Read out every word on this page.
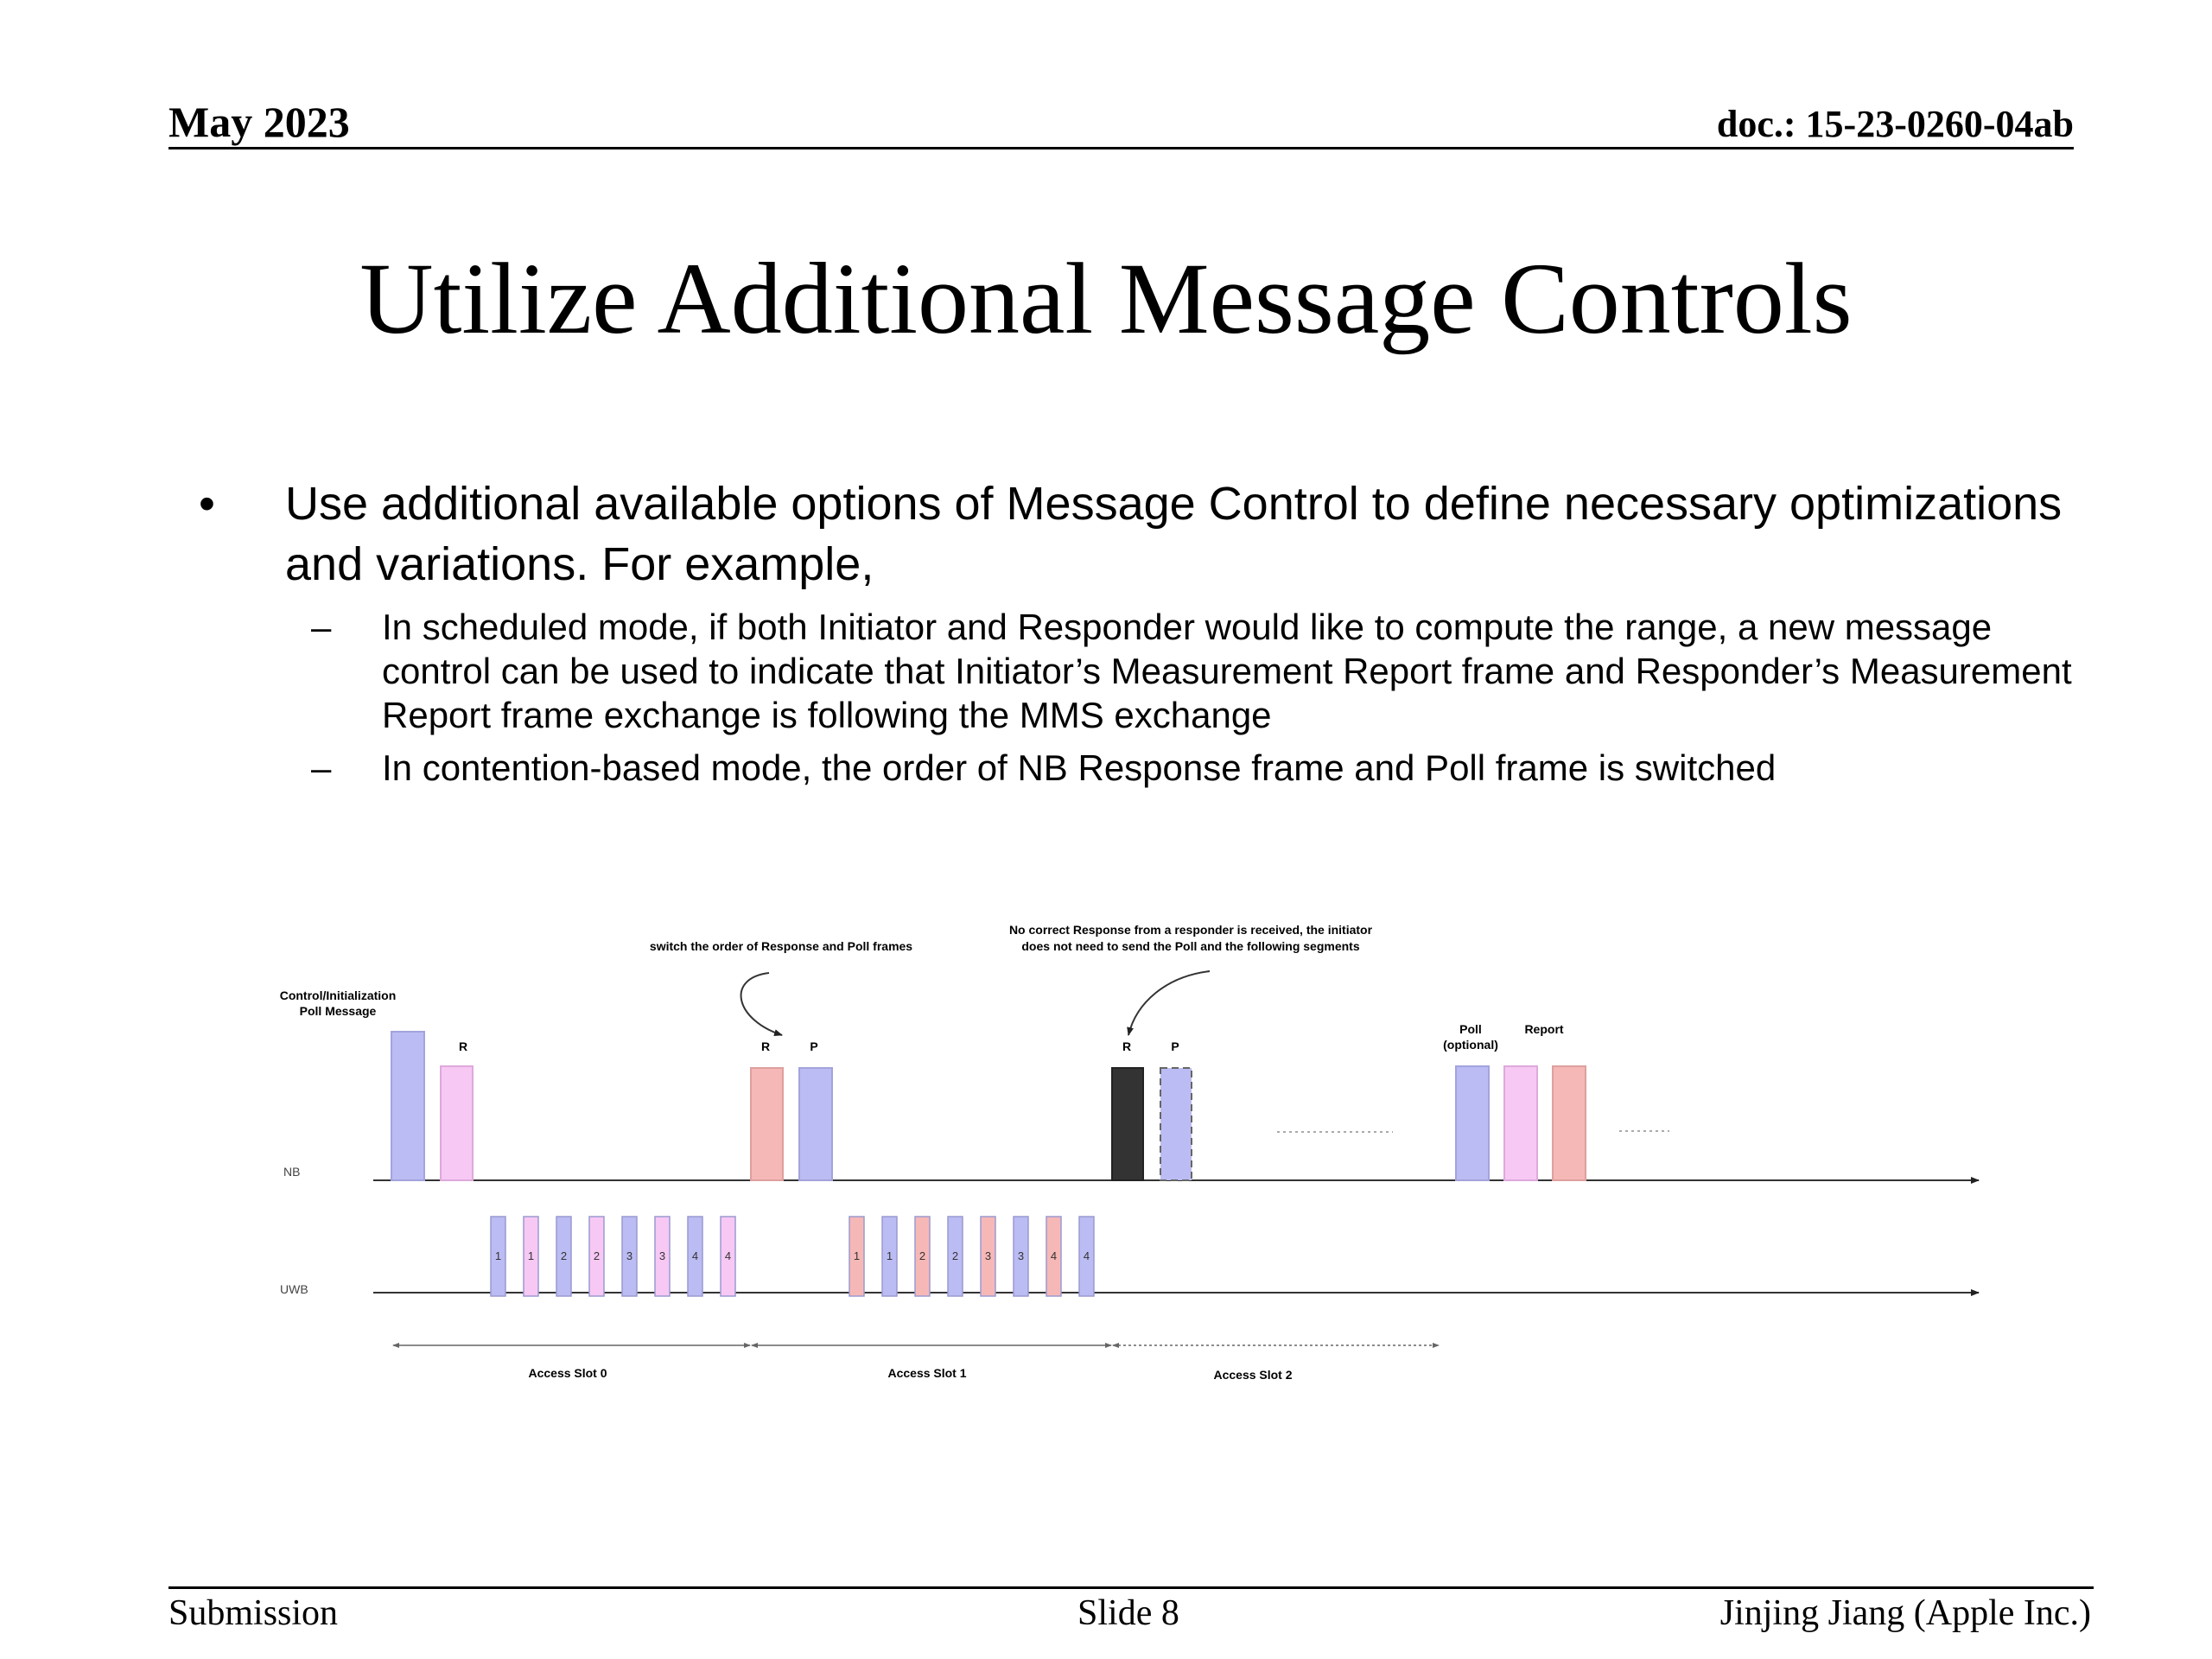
May 2023	doc.: 15-23-0260-04ab
Utilize Additional Message Controls
• Use additional available options of Message Control to define necessary optimizations and variations. For example,
– In scheduled mode, if both Initiator and Responder would like to compute the range, a new message control can be used to indicate that Initiator’s Measurement Report frame and Responder’s Measurement Report frame exchange is following the MMS exchange
– In contention-based mode, the order of NB Response frame and Poll frame is switched
NB
UWB
Control/Initialization
Poll Message
R	R	P
switch the order of Response and Poll frames
R	P
No correct Response from a responder is received, the initiator
does not need to send the Poll and the following segments
Poll
(optional)
Report
1 1 2 2 3 3 4 4	1 1 2 2 3 3 4 4
Access Slot 0	Access Slot 1	Access Slot 2
Submission	Slide 8	Jinjing Jiang (Apple Inc.)
